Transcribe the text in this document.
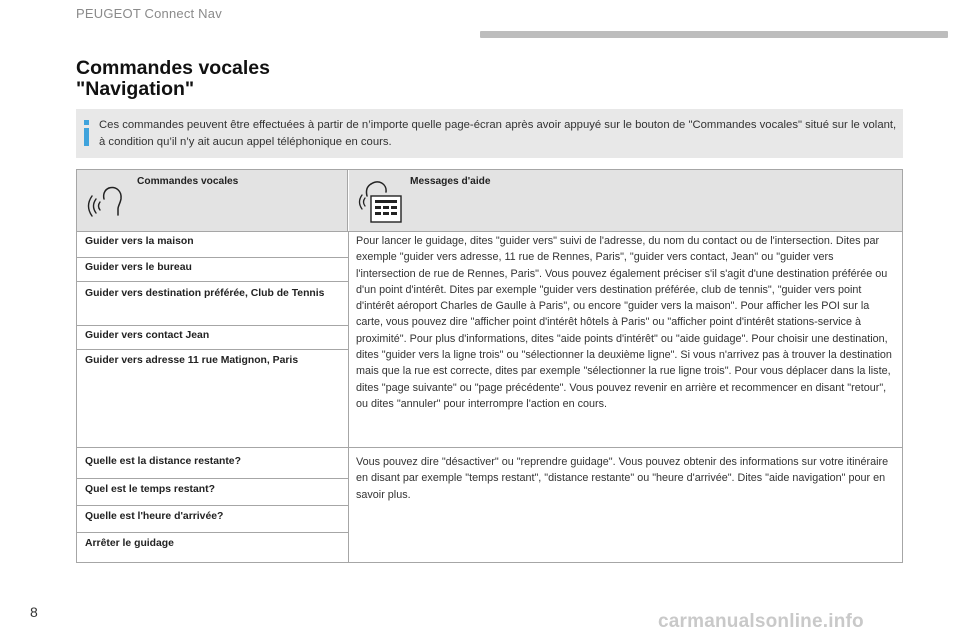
PEUGEOT Connect Nav
Commandes vocales
"Navigation"
Ces commandes peuvent être effectuées à partir de n’importe quelle page-écran après avoir appuyé sur le bouton de "Commandes vocales" situé sur le volant, à condition qu’il n’y ait aucun appel téléphonique en cours.
Commandes vocales	Messages d'aide
Guider vers la maison
Guider vers le bureau
Guider vers destination préférée, Club de Tennis
Guider vers contact Jean
Guider vers adresse 11 rue Matignon, Paris
Pour lancer le guidage, dites "guider vers" suivi de l'adresse, du nom du contact ou de l'intersection. Dites par exemple "guider vers adresse, 11 rue de Rennes, Paris", "guider vers contact, Jean" ou "guider vers l'intersection de rue de Rennes, Paris". Vous pouvez également préciser s'il s'agit d'une destination préférée ou d'un point d'intérêt. Dites par exemple "guider vers destination préférée, club de tennis", "guider vers point d'intérêt aéroport Charles de Gaulle à Paris", ou encore "guider vers la maison". Pour afficher les POI sur la carte, vous pouvez dire "afficher point d'intérêt hôtels à Paris" ou "afficher point d'intérêt stations-service à proximité". Pour plus d'informations, dites "aide points d'intérêt" ou "aide guidage". Pour choisir une destination, dites "guider vers la ligne trois" ou "sélectionner la deuxième ligne". Si vous n'arrivez pas à trouver la destination mais que la rue est correcte, dites par exemple "sélectionner la rue ligne trois". Pour vous déplacer dans la liste, dites "page suivante" ou "page précédente". Vous pouvez revenir en arrière et recommencer en disant "retour", ou dites "annuler" pour interrompre l'action en cours.
Quelle est la distance restante?
Quel est le temps restant?
Quelle est l'heure d'arrivée?
Arrêter le guidage
Vous pouvez dire "désactiver" ou "reprendre guidage". Vous pouvez obtenir des informations sur votre itinéraire en disant par exemple "temps restant", "distance restante" ou "heure d'arrivée". Dites "aide navigation" pour en savoir plus.
8	carmanualsonline.info
